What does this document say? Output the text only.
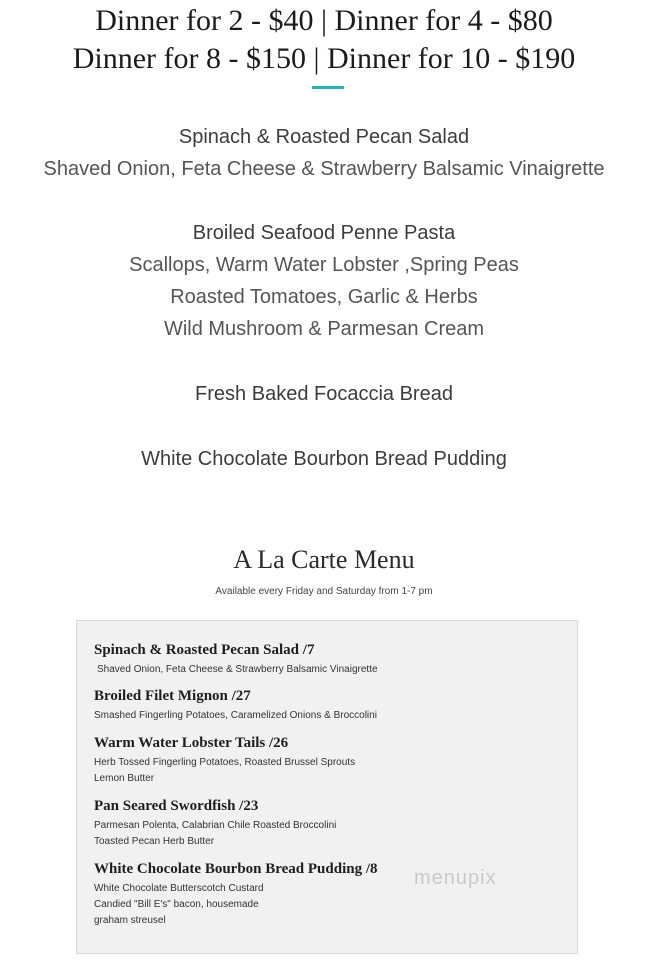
Dinner for 2 - $40 | Dinner for 4 - $80
Dinner for 8 - $150 | Dinner for 10 - $190
Spinach & Roasted Pecan Salad
Shaved Onion, Feta Cheese & Strawberry Balsamic Vinaigrette
Broiled Seafood Penne Pasta
Scallops, Warm Water Lobster ,Spring Peas
Roasted Tomatoes, Garlic & Herbs
Wild Mushroom & Parmesan Cream
Fresh Baked Focaccia Bread
White Chocolate Bourbon Bread Pudding
A La Carte Menu
Available every Friday and Saturday from 1-7 pm
Spinach & Roasted Pecan Salad /7
Shaved Onion, Feta Cheese & Strawberry Balsamic Vinaigrette
Broiled Filet Mignon /27
Smashed Fingerling Potatoes, Caramelized Onions & Broccolini
Warm Water Lobster Tails /26
Herb Tossed Fingerling Potatoes, Roasted Brussel Sprouts
Lemon Butter
Pan Seared Swordfish /23
Parmesan Polenta, Calabrian Chile Roasted Broccolini
Toasted Pecan Herb Butter
White Chocolate Bourbon Bread Pudding /8
White Chocolate Butterscotch Custard
Candied "Bill E's" bacon, housemade
graham streusel
menupix
